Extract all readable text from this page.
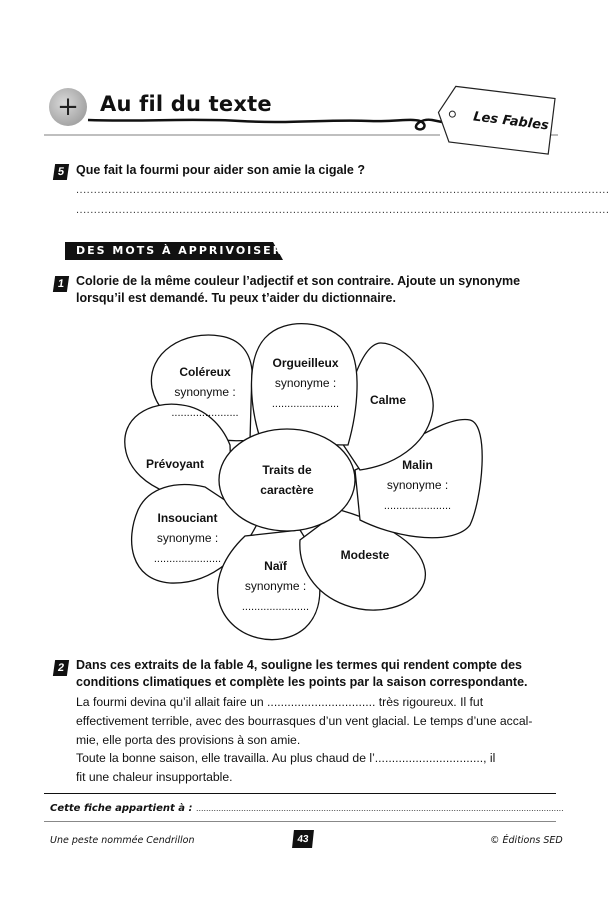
+ Au fil du texte
Les Fables
5 Que fait la fourmi pour aider son amie la cigale ?
......................................................................................................................................................
......................................................................................................................................................
DES MOTS À APPRIVOISER
1 Colorie de la même couleur l’adjectif et son contraire. Ajoute un synonyme
lorsqu’il est demandé. Tu peux t’aider du dictionnaire.
Coléreux
synonyme :
......................
Orgueilleux
synonyme :
......................	Calme
Prévoyant	Traits de
caractère
Malin
synonyme :
......................
Insouciant
synonyme :
......................	Modeste
Naïf
synonyme :
......................
2 Dans ces extraits de la fable 4, souligne les termes qui rendent compte des
conditions climatiques et complète les points par la saison correspondante.
La fourmi devina qu’il allait faire un ................................ très rigoureux. Il fut
effectivement terrible, avec des bourrasques d’un vent glacial. Le temps d’une accal-
mie, elle porta des provisions à son amie.
Toute la bonne saison, elle travailla. Au plus chaud de l’................................, il
fit une chaleur insupportable.
Cette fiche appartient à : ...................................................................................................................................................
Une peste nommée Cendrillon	43	© Éditions SED
